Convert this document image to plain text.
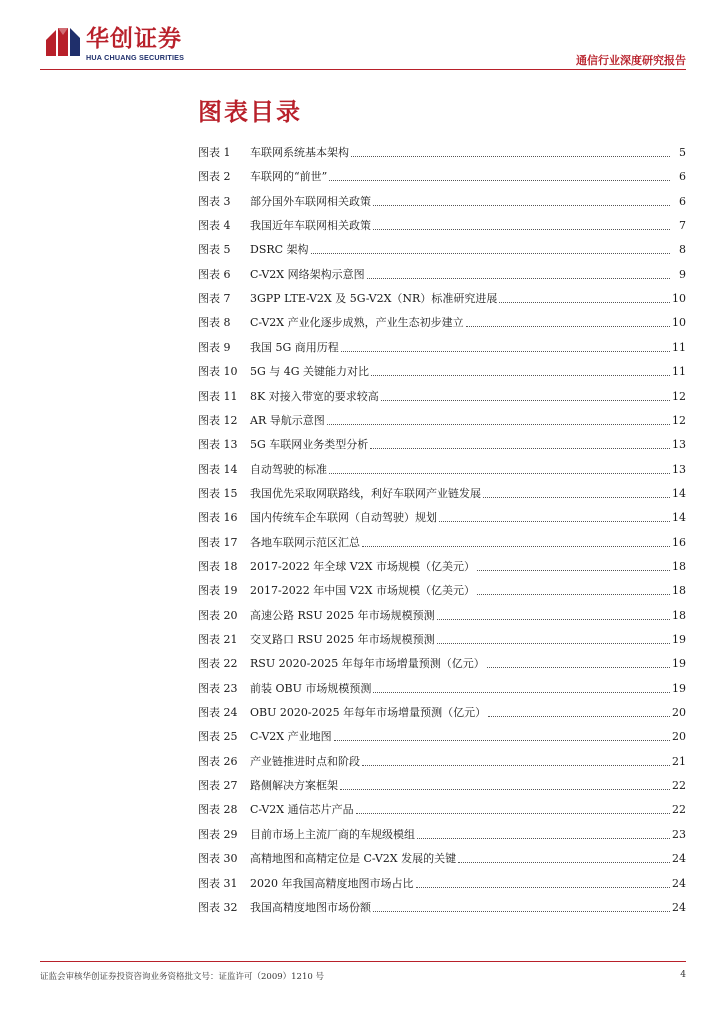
华创证券
HUA CHUANG SECURITIES	通信行业深度研究报告
图表目录
图表 1	车联网系统基本架构	5
图表 2	车联网的“前世”	6
图表 3	部分国外车联网相关政策	6
图表 4	我国近年车联网相关政策	7
图表 5	DSRC 架构	8
图表 6	C-V2X 网络架构示意图	9
图表 7	3GPP LTE-V2X 及 5G-V2X（NR）标准研究进展	10
图表 8	C-V2X 产业化逐步成熟，产业生态初步建立	10
图表 9	我国 5G 商用历程	11
图表 10	5G 与 4G 关键能力对比	11
图表 11	8K 对接入带宽的要求较高	12
图表 12	AR 导航示意图	12
图表 13	5G 车联网业务类型分析	13
图表 14	自动驾驶的标准	13
图表 15	我国优先采取网联路线，利好车联网产业链发展	14
图表 16	国内传统车企车联网（自动驾驶）规划	14
图表 17	各地车联网示范区汇总	16
图表 18	2017-2022 年全球 V2X 市场规模（亿美元）	18
图表 19	2017-2022 年中国 V2X 市场规模（亿美元）	18
图表 20	高速公路 RSU 2025 年市场规模预测	18
图表 21	交叉路口 RSU 2025 年市场规模预测	19
图表 22	RSU 2020-2025 年每年市场增量预测（亿元）	19
图表 23	前装 OBU 市场规模预测	19
图表 24	OBU 2020-2025 年每年市场增量预测（亿元）	20
图表 25	C-V2X 产业地图	20
图表 26	产业链推进时点和阶段	21
图表 27	路侧解决方案框架	22
图表 28	C-V2X 通信芯片产品	22
图表 29	目前市场上主流厂商的车规级模组	23
图表 30	高精地图和高精定位是 C-V2X 发展的关键	24
图表 31	2020 年我国高精度地图市场占比	24
图表 32	我国高精度地图市场份额	24
证监会审核华创证券投资咨询业务资格批文号：证监许可（2009）1210 号	4
